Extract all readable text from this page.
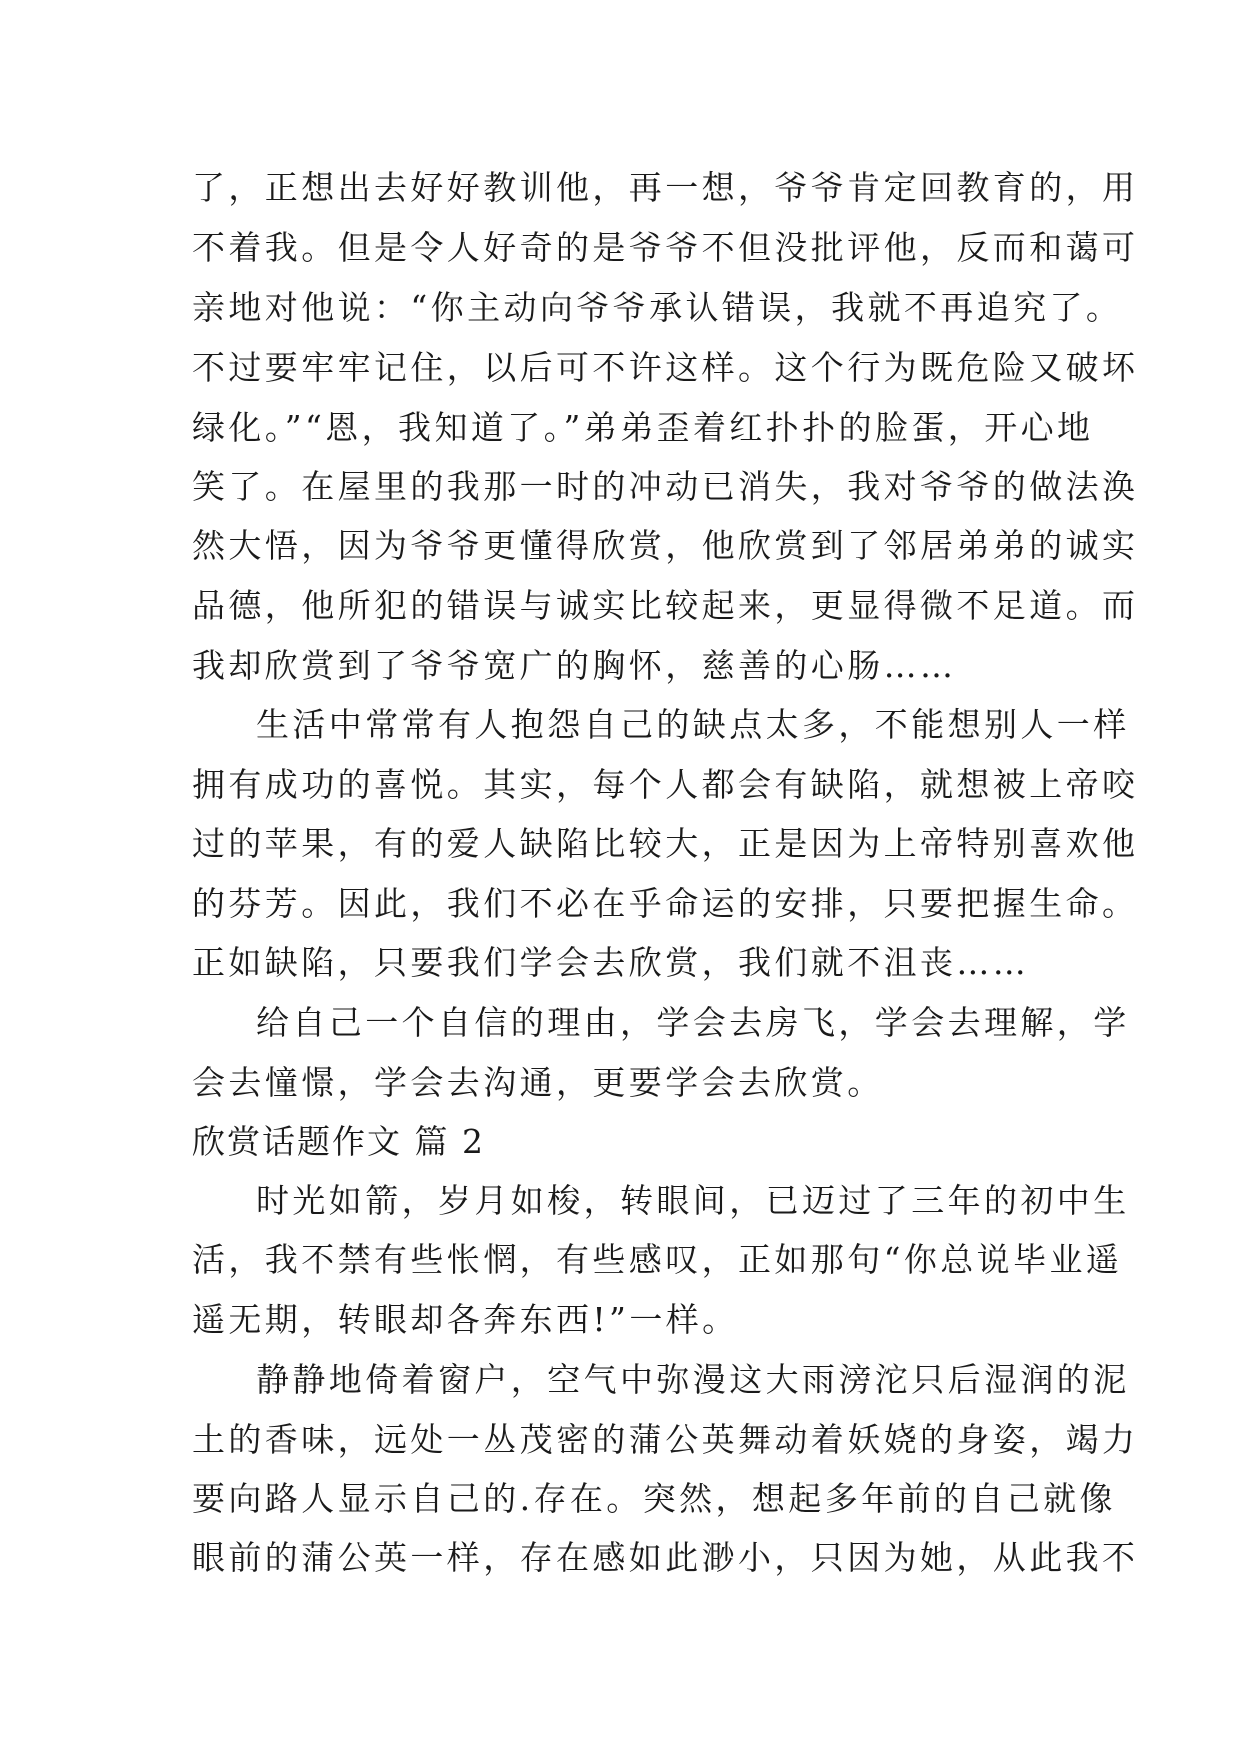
了，正想出去好好教训他，再一想，爷爷肯定回教育的，用
不着我。但是令人好奇的是爷爷不但没批评他，反而和蔼可
亲地对他说：“你主动向爷爷承认错误，我就不再追究了。
不过要牢牢记住，以后可不许这样。这个行为既危险又破坏
绿化。”“恩，我知道了。”弟弟歪着红扑扑的脸蛋，开心地
笑了。在屋里的我那一时的冲动已消失，我对爷爷的做法涣
然大悟，因为爷爷更懂得欣赏，他欣赏到了邻居弟弟的诚实
品德，他所犯的错误与诚实比较起来，更显得微不足道。而
我却欣赏到了爷爷宽广的胸怀，慈善的心肠……
生活中常常有人抱怨自己的缺点太多，不能想别人一样
拥有成功的喜悦。其实，每个人都会有缺陷，就想被上帝咬
过的苹果，有的爱人缺陷比较大，正是因为上帝特别喜欢他
的芬芳。因此，我们不必在乎命运的安排，只要把握生命。
正如缺陷，只要我们学会去欣赏，我们就不沮丧……
给自己一个自信的理由，学会去房飞，学会去理解，学
会去憧憬，学会去沟通，更要学会去欣赏。
欣赏话题作文 篇 2
时光如箭，岁月如梭，转眼间，已迈过了三年的初中生
活，我不禁有些怅惘，有些感叹，正如那句“你总说毕业遥
遥无期，转眼却各奔东西!”一样。
静静地倚着窗户，空气中弥漫这大雨滂沱只后湿润的泥
土的香味，远处一丛茂密的蒲公英舞动着妖娆的身姿，竭力
要向路人显示自己的.存在。突然，想起多年前的自己就像
眼前的蒲公英一样，存在感如此渺小，只因为她，从此我不
